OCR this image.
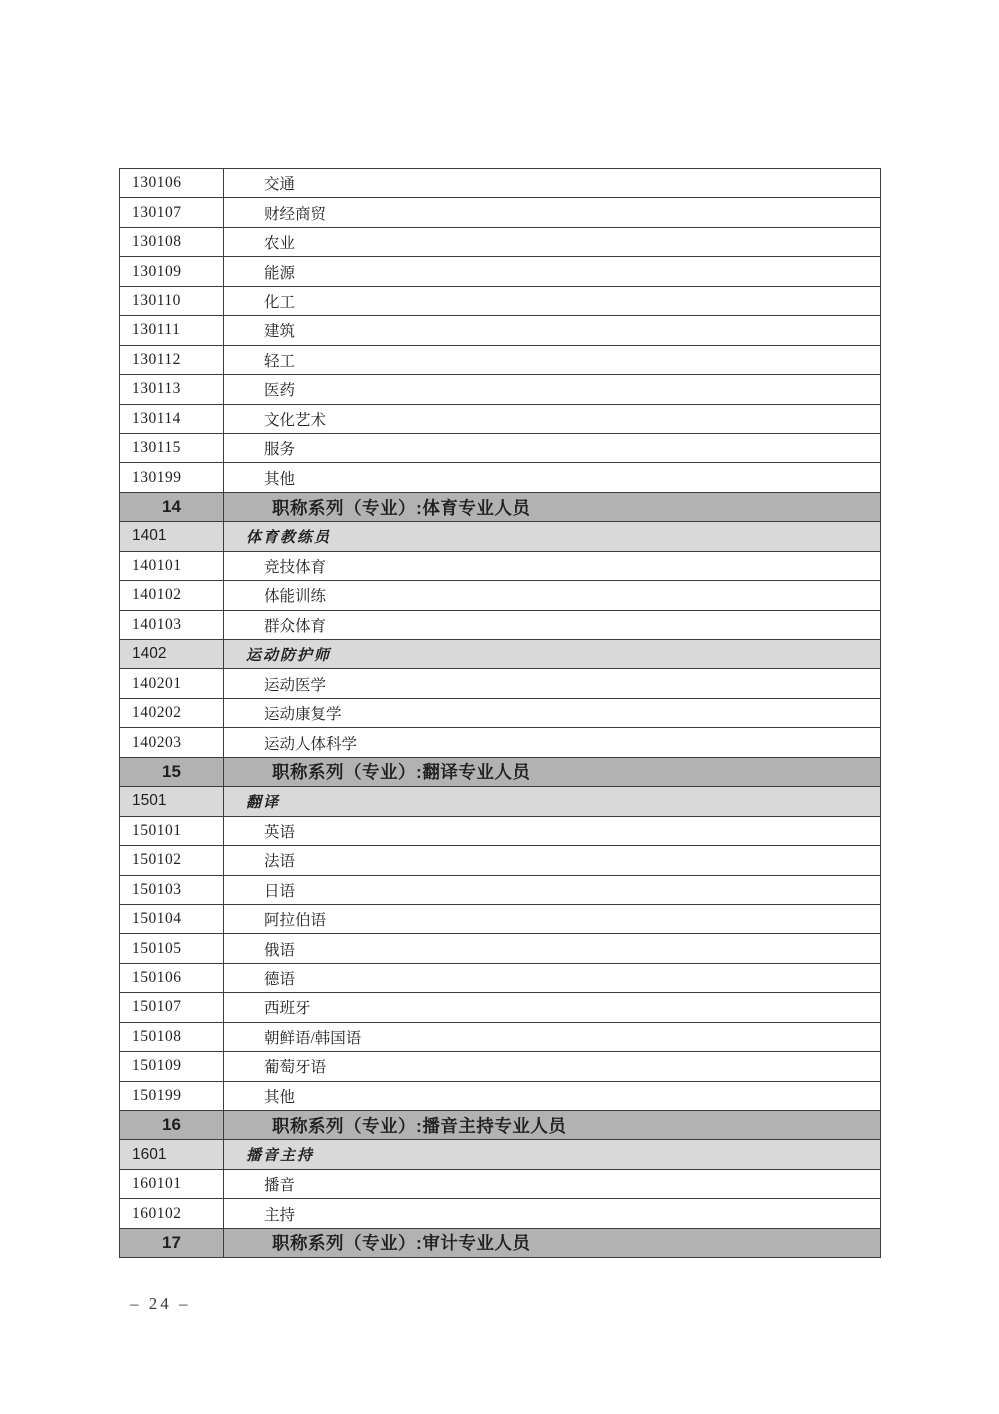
130106	交通
130107	财经商贸
130108	农业
130109	能源
130110	化工
130111	建筑
130112	轻工
130113	医药
130114	文化艺术
130115	服务
130199	其他
14	职称系列（专业）:体育专业人员
1401	体育教练员
140101	竞技体育
140102	体能训练
140103	群众体育
1402	运动防护师
140201	运动医学
140202	运动康复学
140203	运动人体科学
15	职称系列（专业）:翻译专业人员
1501	翻译
150101	英语
150102	法语
150103	日语
150104	阿拉伯语
150105	俄语
150106	德语
150107	西班牙
150108	朝鲜语/韩国语
150109	葡萄牙语
150199	其他
16	职称系列（专业）:播音主持专业人员
1601	播音主持
160101	播音
160102	主持
17	职称系列（专业）:审计专业人员
– 24 –
